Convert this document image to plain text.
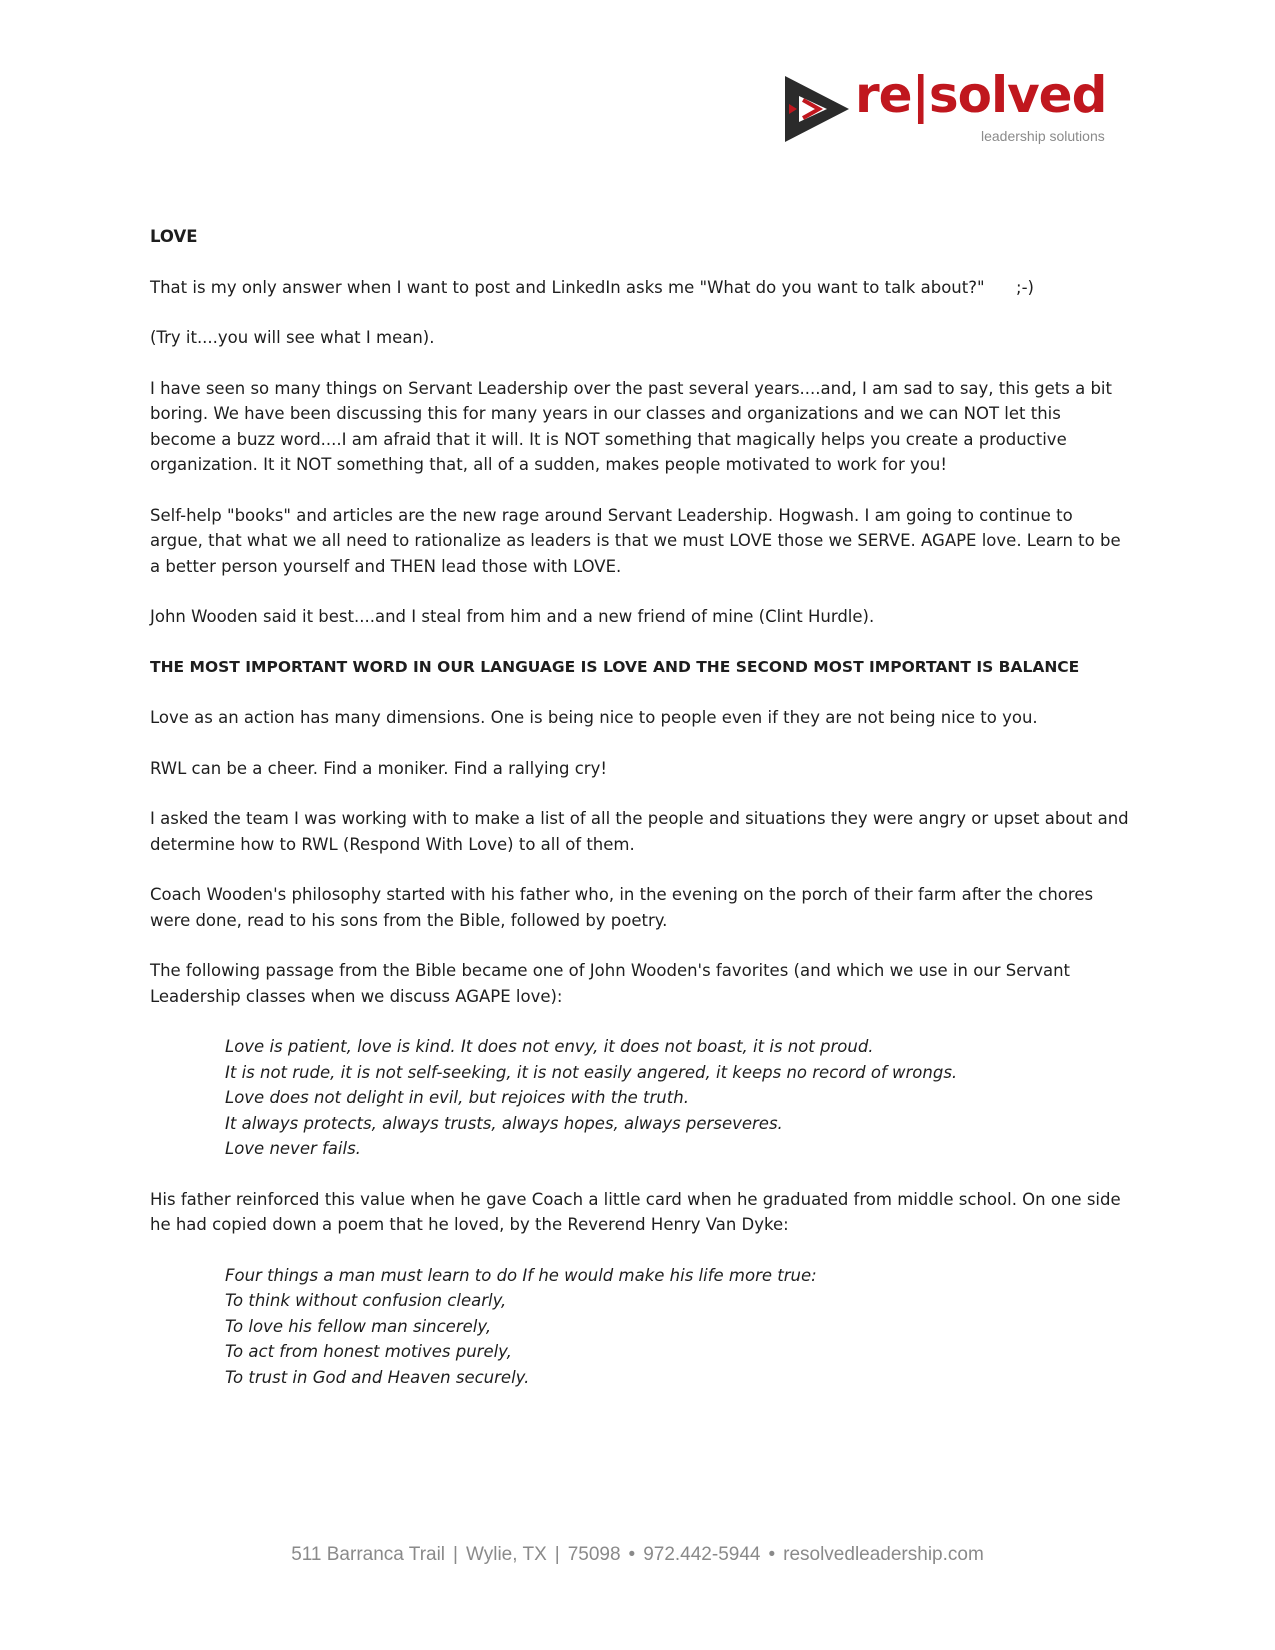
re|solved
leadership solutions

LOVE

That is my only answer when I want to post and LinkedIn asks me "What do you want to talk about?"      ;-)

(Try it....you will see what I mean).

I have seen so many things on Servant Leadership over the past several years....and, I am sad to say, this gets a bit boring. We have been discussing this for many years in our classes and organizations and we can NOT let this become a buzz word....I am afraid that it will. It is NOT something that magically helps you create a productive organization. It it NOT something that, all of a sudden, makes people motivated to work for you!

Self-help "books" and articles are the new rage around Servant Leadership. Hogwash. I am going to continue to argue, that what we all need to rationalize as leaders is that we must LOVE those we SERVE. AGAPE love. Learn to be a better person yourself and THEN lead those with LOVE.

John Wooden said it best....and I steal from him and a new friend of mine (Clint Hurdle).

THE MOST IMPORTANT WORD IN OUR LANGUAGE IS LOVE AND THE SECOND MOST IMPORTANT IS BALANCE

Love as an action has many dimensions. One is being nice to people even if they are not being nice to you.

RWL can be a cheer. Find a moniker. Find a rallying cry!

I asked the team I was working with to make a list of all the people and situations they were angry or upset about and determine how to RWL (Respond With Love) to all of them.

Coach Wooden's philosophy started with his father who, in the evening on the porch of their farm after the chores were done, read to his sons from the Bible, followed by poetry.

The following passage from the Bible became one of John Wooden's favorites (and which we use in our Servant Leadership classes when we discuss AGAPE love):

Love is patient, love is kind. It does not envy, it does not boast, it is not proud.
It is not rude, it is not self-seeking, it is not easily angered, it keeps no record of wrongs.
Love does not delight in evil, but rejoices with the truth.
It always protects, always trusts, always hopes, always perseveres.
Love never fails.

His father reinforced this value when he gave Coach a little card when he graduated from middle school. On one side he had copied down a poem that he loved, by the Reverend Henry Van Dyke:

Four things a man must learn to do If he would make his life more true:
To think without confusion clearly,
To love his fellow man sincerely,
To act from honest motives purely,
To trust in God and Heaven securely.
511 Barranca Trail | Wylie, TX | 75098 • 972.442-5944 • resolvedleadership.com
